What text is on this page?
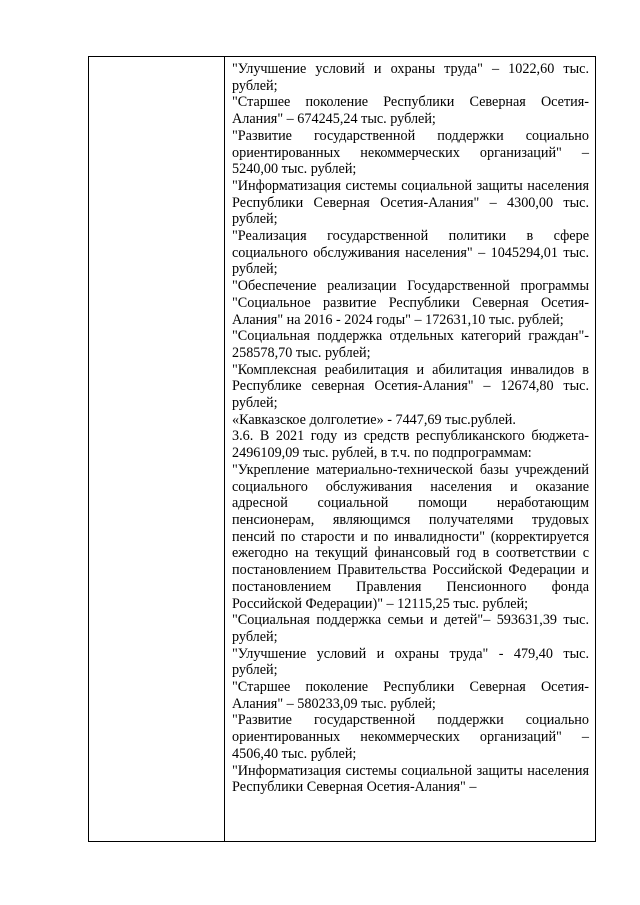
"Улучшение условий и охраны труда" – 1022,60 тыс. рублей;

"Старшее поколение Республики Северная Осетия-Алания" – 674245,24 тыс. рублей;

"Развитие государственной поддержки социально ориентированных некоммерческих организаций" – 5240,00 тыс. рублей;

"Информатизация системы социальной защиты населения Республики Северная Осетия-Алания" – 4300,00 тыс. рублей;

"Реализация государственной политики в сфере социального обслуживания населения" – 1045294,01 тыс. рублей;

"Обеспечение реализации Государственной программы "Социальное развитие Республики Северная Осетия-Алания" на 2016 - 2024 годы" – 172631,10 тыс. рублей;

"Социальная поддержка отдельных категорий граждан"- 258578,70 тыс. рублей;

"Комплексная реабилитация и абилитация инвалидов в Республике северная Осетия-Алания" – 12674,80 тыс. рублей;

«Кавказское долголетие» - 7447,69 тыс.рублей.

3.6. В 2021 году из средств республиканского бюджета- 2496109,09 тыс. рублей, в т.ч. по подпрограммам:

"Укрепление материально-технической базы учреждений социального обслуживания населения и оказание адресной социальной помощи неработающим пенсионерам, являющимся получателями трудовых пенсий по старости и по инвалидности" (корректируется ежегодно на текущий финансовый год в соответствии с постановлением Правительства Российской Федерации и постановлением Правления Пенсионного фонда Российской Федерации)" – 12115,25 тыс. рублей;

"Социальная поддержка семьи и детей"– 593631,39 тыс. рублей;

"Улучшение условий и охраны труда" - 479,40 тыс. рублей;

"Старшее поколение Республики Северная Осетия-Алания" – 580233,09 тыс. рублей;

"Развитие государственной поддержки социально ориентированных некоммерческих организаций" – 4506,40 тыс. рублей;

"Информатизация системы социальной защиты населения Республики Северная Осетия-Алания" –
